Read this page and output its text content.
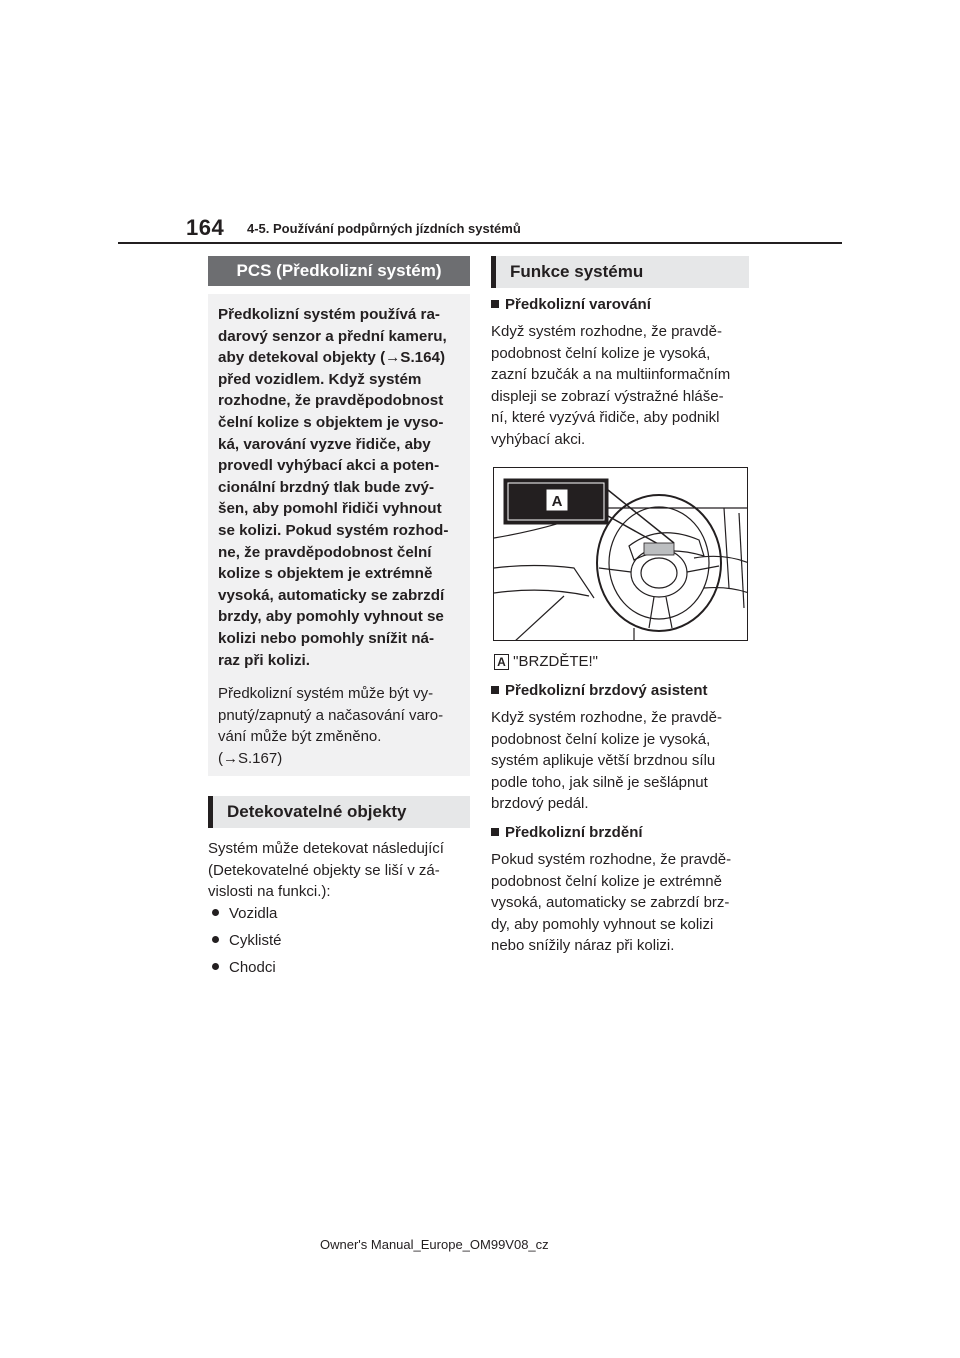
164 4-5. Používání podpůrných jízdních systémů
PCS (Předkolizní systém)
Předkolizní systém používá ra-
darový senzor a přední kameru,
aby detekoval objekty (→S.164)
před vozidlem. Když systém
rozhodne, že pravděpodobnost
čelní kolize s objektem je vyso-
ká, varování vyzve řidiče, aby
provedl vyhýbací akci a poten-
cionální brzdný tlak bude zvý-
šen, aby pomohl řidiči vyhnout
se kolizi. Pokud systém rozhod-
ne, že pravděpodobnost čelní
kolize s objektem je extrémně
vysoká, automaticky se zabrzdí
brzdy, aby pomohly vyhnout se
kolizi nebo pomohly snížit ná-
raz při kolizi.
Předkolizní systém může být vy-
pnutý/zapnutý a načasování varo-
vání může být změněno.
(→S.167)
Detekovatelné objekty
Systém může detekovat následující
(Detekovatelné objekty se liší v zá-
vislosti na funkci.):
Vozidla
Cyklisté
Chodci
Funkce systému
Předkolizní varování
Když systém rozhodne, že pravdě-
podobnost čelní kolize je vysoká,
zazní bzučák a na multiinformačním
displeji se zobrazí výstražné hláše-
ní, které vyzývá řidiče, aby podnikl
vyhýbací akci.
A
A "BRZDĚTE!"
Předkolizní brzdový asistent
Když systém rozhodne, že pravdě-
podobnost čelní kolize je vysoká,
systém aplikuje větší brzdnou sílu
podle toho, jak silně je sešlápnut
brzdový pedál.
Předkolizní brzdění
Pokud systém rozhodne, že pravdě-
podobnost čelní kolize je extrémně
vysoká, automaticky se zabrzdí brz-
dy, aby pomohly vyhnout se kolizi
nebo snížily náraz při kolizi.
Owner's Manual_Europe_OM99V08_cz
